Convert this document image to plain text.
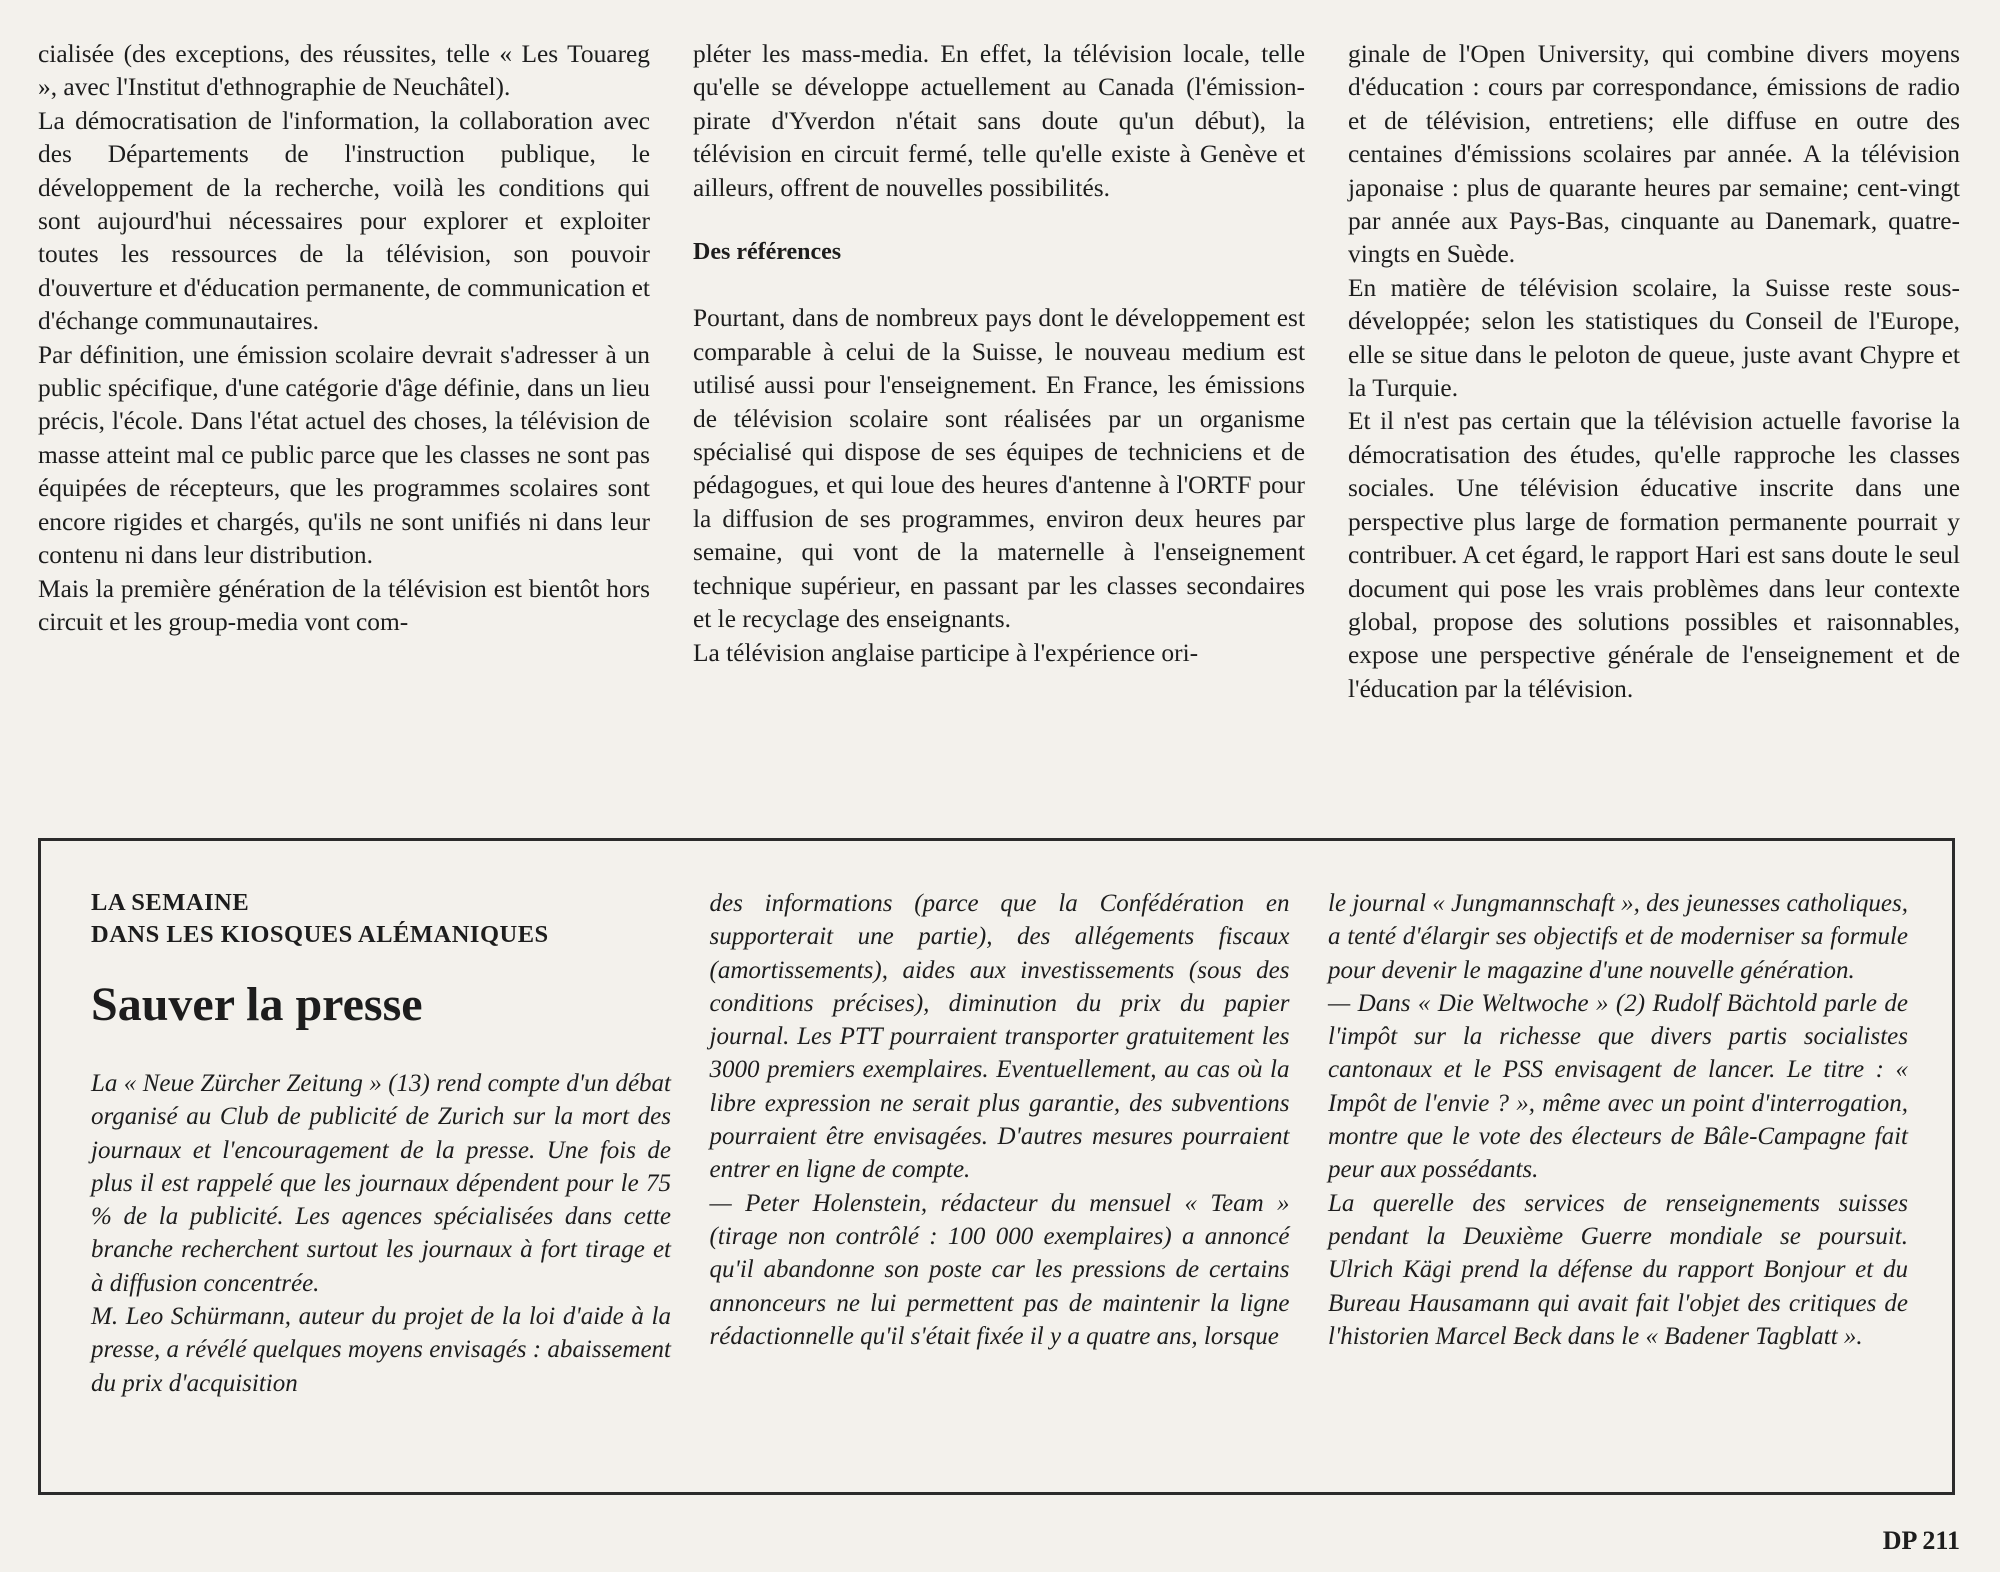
cialisée (des exceptions, des réussites, telle « Les Touareg », avec l'Institut d'ethnographie de Neuchâtel).

La démocratisation de l'information, la collaboration avec des Départements de l'instruction publique, le développement de la recherche, voilà les conditions qui sont aujourd'hui nécessaires pour explorer et exploiter toutes les ressources de la télévision, son pouvoir d'ouverture et d'éducation permanente, de communication et d'échange communautaires.

Par définition, une émission scolaire devrait s'adresser à un public spécifique, d'une catégorie d'âge définie, dans un lieu précis, l'école. Dans l'état actuel des choses, la télévision de masse atteint mal ce public parce que les classes ne sont pas équipées de récepteurs, que les programmes scolaires sont encore rigides et chargés, qu'ils ne sont unifiés ni dans leur contenu ni dans leur distribution.

Mais la première génération de la télévision est bientôt hors circuit et les group-media vont com-

pléter les mass-media. En effet, la télévision locale, telle qu'elle se développe actuellement au Canada (l'émission-pirate d'Yverdon n'était sans doute qu'un début), la télévision en circuit fermé, telle qu'elle existe à Genève et ailleurs, offrent de nouvelles possibilités.

Des références

Pourtant, dans de nombreux pays dont le développement est comparable à celui de la Suisse, le nouveau medium est utilisé aussi pour l'enseignement. En France, les émissions de télévision scolaire sont réalisées par un organisme spécialisé qui dispose de ses équipes de techniciens et de pédagogues, et qui loue des heures d'antenne à l'ORTF pour la diffusion de ses programmes, environ deux heures par semaine, qui vont de la maternelle à l'enseignement technique supérieur, en passant par les classes secondaires et le recyclage des enseignants.

La télévision anglaise participe à l'expérience ori-

ginale de l'Open University, qui combine divers moyens d'éducation : cours par correspondance, émissions de radio et de télévision, entretiens; elle diffuse en outre des centaines d'émissions scolaires par année. A la télévision japonaise : plus de quarante heures par semaine; cent-vingt par année aux Pays-Bas, cinquante au Danemark, quatre-vingts en Suède.

En matière de télévision scolaire, la Suisse reste sous-développée; selon les statistiques du Conseil de l'Europe, elle se situe dans le peloton de queue, juste avant Chypre et la Turquie.

Et il n'est pas certain que la télévision actuelle favorise la démocratisation des études, qu'elle rapproche les classes sociales. Une télévision éducative inscrite dans une perspective plus large de formation permanente pourrait y contribuer. A cet égard, le rapport Hari est sans doute le seul document qui pose les vrais problèmes dans leur contexte global, propose des solutions possibles et raisonnables, expose une perspective générale de l'enseignement et de l'éducation par la télévision.

LA SEMAINE
DANS LES KIOSQUES ALÉMANIQUES

Sauver la presse

La « Neue Zürcher Zeitung » (13) rend compte d'un débat organisé au Club de publicité de Zurich sur la mort des journaux et l'encouragement de la presse. Une fois de plus il est rappelé que les journaux dépendent pour le 75 % de la publicité. Les agences spécialisées dans cette branche recherchent surtout les journaux à fort tirage et à diffusion concentrée.

M. Leo Schürmann, auteur du projet de la loi d'aide à la presse, a révélé quelques moyens envisagés : abaissement du prix d'acquisition

des informations (parce que la Confédération en supporterait une partie), des allégements fiscaux (amortissements), aides aux investissements (sous des conditions précises), diminution du prix du papier journal. Les PTT pourraient transporter gratuitement les 3000 premiers exemplaires. Eventuellement, au cas où la libre expression ne serait plus garantie, des subventions pourraient être envisagées. D'autres mesures pourraient entrer en ligne de compte.

— Peter Holenstein, rédacteur du mensuel « Team » (tirage non contrôlé : 100 000 exemplaires) a annoncé qu'il abandonne son poste car les pressions de certains annonceurs ne lui permettent pas de maintenir la ligne rédactionnelle qu'il s'était fixée il y a quatre ans, lorsque

le journal « Jungmannschaft », des jeunesses catholiques, a tenté d'élargir ses objectifs et de moderniser sa formule pour devenir le magazine d'une nouvelle génération.

— Dans « Die Weltwoche » (2) Rudolf Bächtold parle de l'impôt sur la richesse que divers partis socialistes cantonaux et le PSS envisagent de lancer. Le titre : « Impôt de l'envie ? », même avec un point d'interrogation, montre que le vote des électeurs de Bâle-Campagne fait peur aux possédants.

La querelle des services de renseignements suisses pendant la Deuxième Guerre mondiale se poursuit. Ulrich Kägi prend la défense du rapport Bonjour et du Bureau Hausamann qui avait fait l'objet des critiques de l'historien Marcel Beck dans le « Badener Tagblatt ».

DP 211
